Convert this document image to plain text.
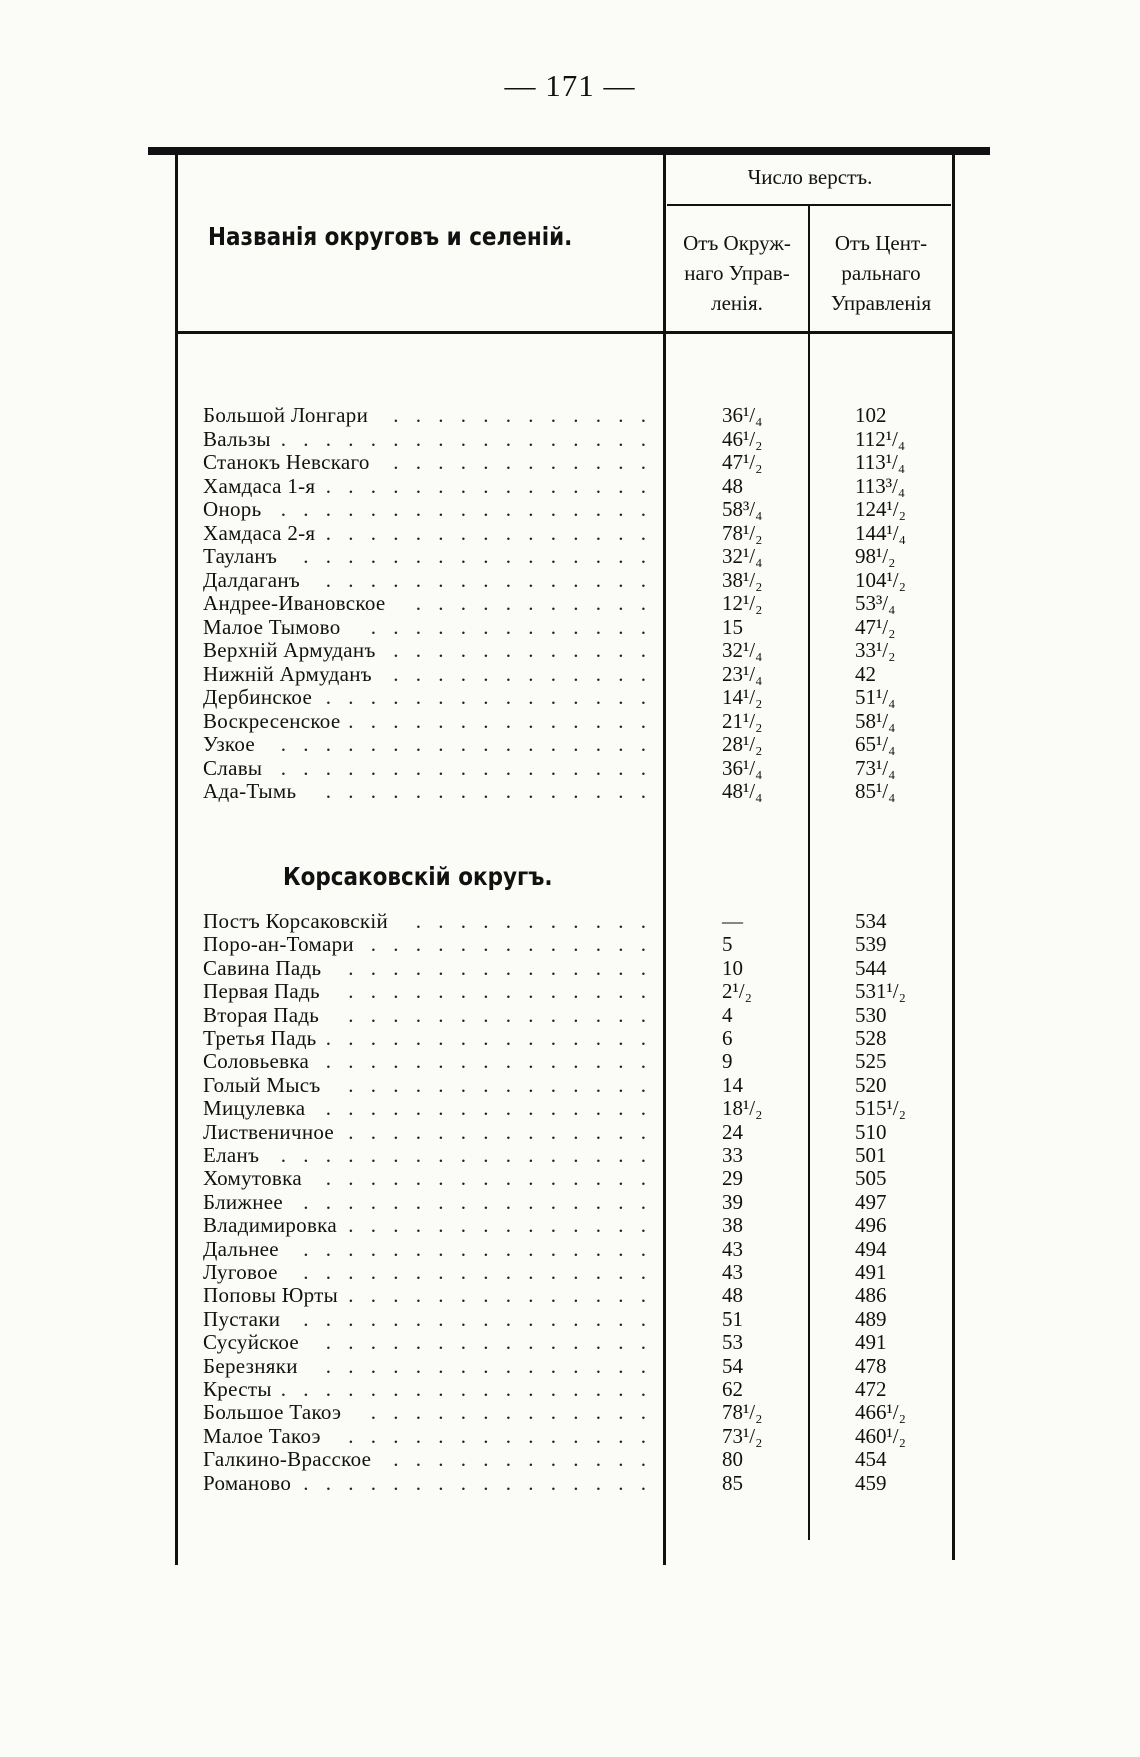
— 171 —
Названія округовъ и селеній.
Число верстъ.
Отъ Окруж-
наго Управ-
ленія.
Отъ Цент-
ральнаго
Управленія
Корсаковскій округъ.
. . . . . . . . . . . .
Большой Лонгари	36¹/₄	102
. . . . . . . . . . . . . . . . .
Вальзы	46¹/₂	112¹/₄
. . . . . . . . . . . .
Станокъ Невскаго	47¹/₂	113¹/₄
. . . . . . . . . . . . . . .
Хамдаса 1-я	48	113³/₄
. . . . . . . . . . . . . . . . .
Онорь	58³/₄	124¹/₂
. . . . . . . . . . . . . . .
Хамдаса 2-я	78¹/₂	144¹/₄
. . . . . . . . . . . . . . . .
Тауланъ	32¹/₄	98¹/₂
. . . . . . . . . . . . . . .
Далдаганъ	38¹/₂	104¹/₂
. . . . . . . . . . .
Андрее-Ивановское	12¹/₂	53³/₄
. . . . . . . . . . . . .
Малое Тымово	15	47¹/₂
. . . . . . . . . . . .
Верхній Армуданъ	32¹/₄	33¹/₂
. . . . . . . . . . . .
Нижній Армуданъ	23¹/₄	42
. . . . . . . . . . . . . . .
Дербинское	14¹/₂	51¹/₄
. . . . . . . . . . . . . .
Воскресенское	21¹/₂	58¹/₄
. . . . . . . . . . . . . . . . .
Узкое	28¹/₂	65¹/₄
. . . . . . . . . . . . . . . . .
Славы	36¹/₄	73¹/₄
. . . . . . . . . . . . . . .
Ада-Тымь	48¹/₄	85¹/₄
. . . . . . . . . . .
Постъ Корсаковскій	—	534
. . . . . . . . . . . . .
Поро-ан-Томари	5	539
. . . . . . . . . . . . . .
Савина Падь	10	544
. . . . . . . . . . . . . .
Первая Падь	2¹/₂	531¹/₂
. . . . . . . . . . . . . .
Вторая Падь	4	530
. . . . . . . . . . . . . . .
Третья Падь	6	528
. . . . . . . . . . . . . . .
Соловьевка	9	525
. . . . . . . . . . . . . .
Голый Мысъ	14	520
. . . . . . . . . . . . . . .
Мицулевка	18¹/₂	515¹/₂
. . . . . . . . . . . . . .
Лиственичное	24	510
. . . . . . . . . . . . . . . . .
Еланъ	33	501
. . . . . . . . . . . . . . .
Хомутовка	29	505
. . . . . . . . . . . . . . . .
Ближнее	39	497
. . . . . . . . . . . . . .
Владимировка	38	496
. . . . . . . . . . . . . . . .
Дальнее	43	494
. . . . . . . . . . . . . . . .
Луговое	43	491
. . . . . . . . . . . . . .
Поповы Юрты	48	486
. . . . . . . . . . . . . . . .
Пустаки	51	489
. . . . . . . . . . . . . . .
Сусуйское	53	491
. . . . . . . . . . . . . . .
Березняки	54	478
. . . . . . . . . . . . . . . . .
Кресты	62	472
. . . . . . . . . . . . .
Большое Такоэ	78¹/₂	466¹/₂
. . . . . . . . . . . . . .
Малое Такоэ	73¹/₂	460¹/₂
. . . . . . . . . . . .
Галкино-Врасское	80	454
. . . . . . . . . . . . . . . .
Романово	85	459
